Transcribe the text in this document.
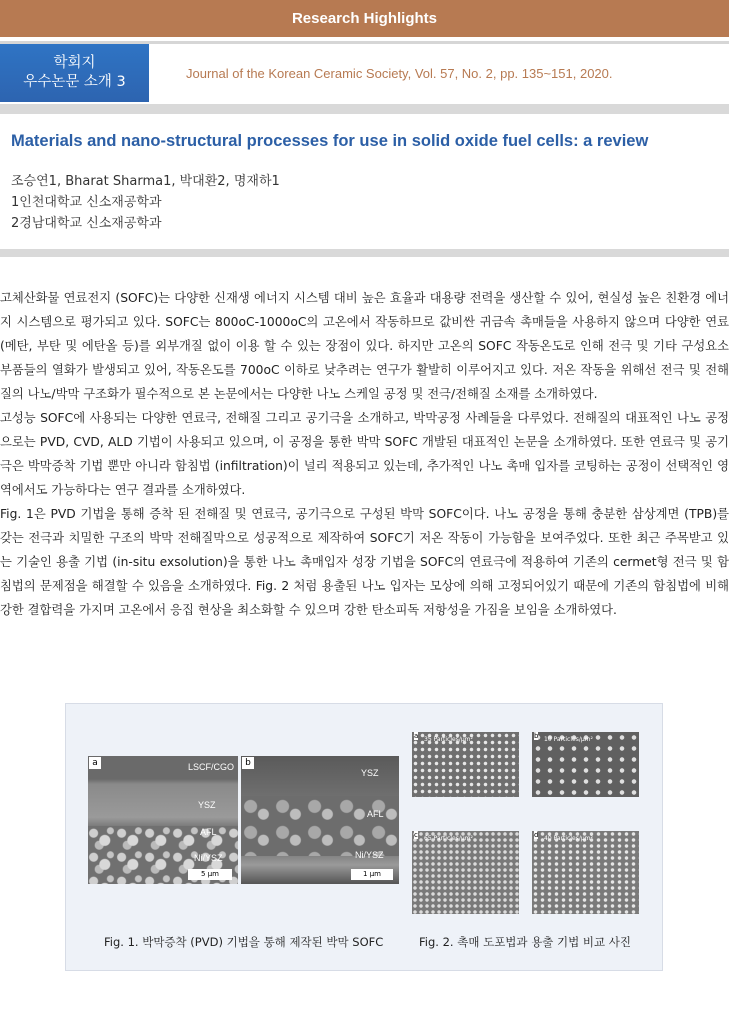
Research Highlights
학회지
우수논문 소개 3
Journal of the Korean Ceramic Society, Vol. 57, No. 2, pp. 135~151, 2020.
Materials and nano-structural processes for use in solid oxide fuel cells: a review
조승연1, Bharat Sharma1, 박대환2, 명재하1
1인천대학교 신소재공학과
2경남대학교 신소재공학과

고체산화물 연료전지 (SOFC)는 다양한 신재생 에너지 시스템 대비 높은 효율과 대용량 전력을 생산할 수 있어, 현실성 높은 친환경 에너지 시스템으로 평가되고 있다. SOFC는 800oC-1000oC의 고온에서 작동하므로 값비싼 귀금속 촉매들을 사용하지 않으며 다양한 연료 (메탄, 부탄 및 에탄올 등)를 외부개질 없이 이용 할 수 있는 장점이 있다. 하지만 고온의 SOFC 작동온도로 인해 전극 및 기타 구성요소 부품들의 열화가 발생되고 있어, 작동온도를 700oC 이하로 낮추려는 연구가 활발히 이루어지고 있다. 저온 작동을 위해선 전극 및 전해질의 나노/박막 구조화가 필수적으로 본 논문에서는 다양한 나노 스케일 공정 및 전극/전해질 소재를 소개하였다.

고성능 SOFC에 사용되는 다양한 연료극, 전해질 그리고 공기극을 소개하고, 박막공정 사례들을 다루었다. 전해질의 대표적인 나노 공정으로는 PVD, CVD, ALD 기법이 사용되고 있으며, 이 공정을 통한 박막 SOFC 개발된 대표적인 논문을 소개하였다. 또한 연료극 및 공기극은 박막증착 기법 뿐만 아니라 함침법 (infiltration)이 널리 적용되고 있는데, 추가적인 나노 촉매 입자를 코팅하는 공정이 선택적인 영역에서도 가능하다는 연구 결과를 소개하였다.

Fig. 1은 PVD 기법을 통해 증착 된 전해질 및 연료극, 공기극으로 구성된 박막 SOFC이다. 나노 공정을 통해 충분한 삼상계면 (TPB)를 갖는 전극과 치밀한 구조의 박막 전해질막으로 성공적으로 제작하여 SOFC기 저온 작동이 가능함을 보여주었다. 또한 최근 주목받고 있는 기술인 용출 기법 (in-situ exsolution)을 통한 나노 촉매입자 성장 기법을 SOFC의 연료극에 적용하여 기존의 cermet형 전극 및 함침법의 문제점을 해결할 수 있음을 소개하였다. Fig. 2 처럼 용출된 나노 입자는 모상에 의해 고정되어있기 때문에 기존의 함침법에 비해 강한 결합력을 가지며 고온에서 응집 현상을 최소화할 수 있으며 강한 탄소피독 저항성을 가짐을 보임을 소개하였다.

a	LSCF/CGO
YSZ
AFL
Ni/YSZ
5 μm
b
YSZ
AFL
Ni/YSZ
1 μm
a 35 Particles/μm²	b 10 Particles/μm²
c 65 Particles/μm²	d 40 Particles/μm²
Fig. 1. 박막증착 (PVD) 기법을 통해 제작된 박막 SOFC	Fig. 2. 촉매 도포법과 용출 기법 비교 사진
